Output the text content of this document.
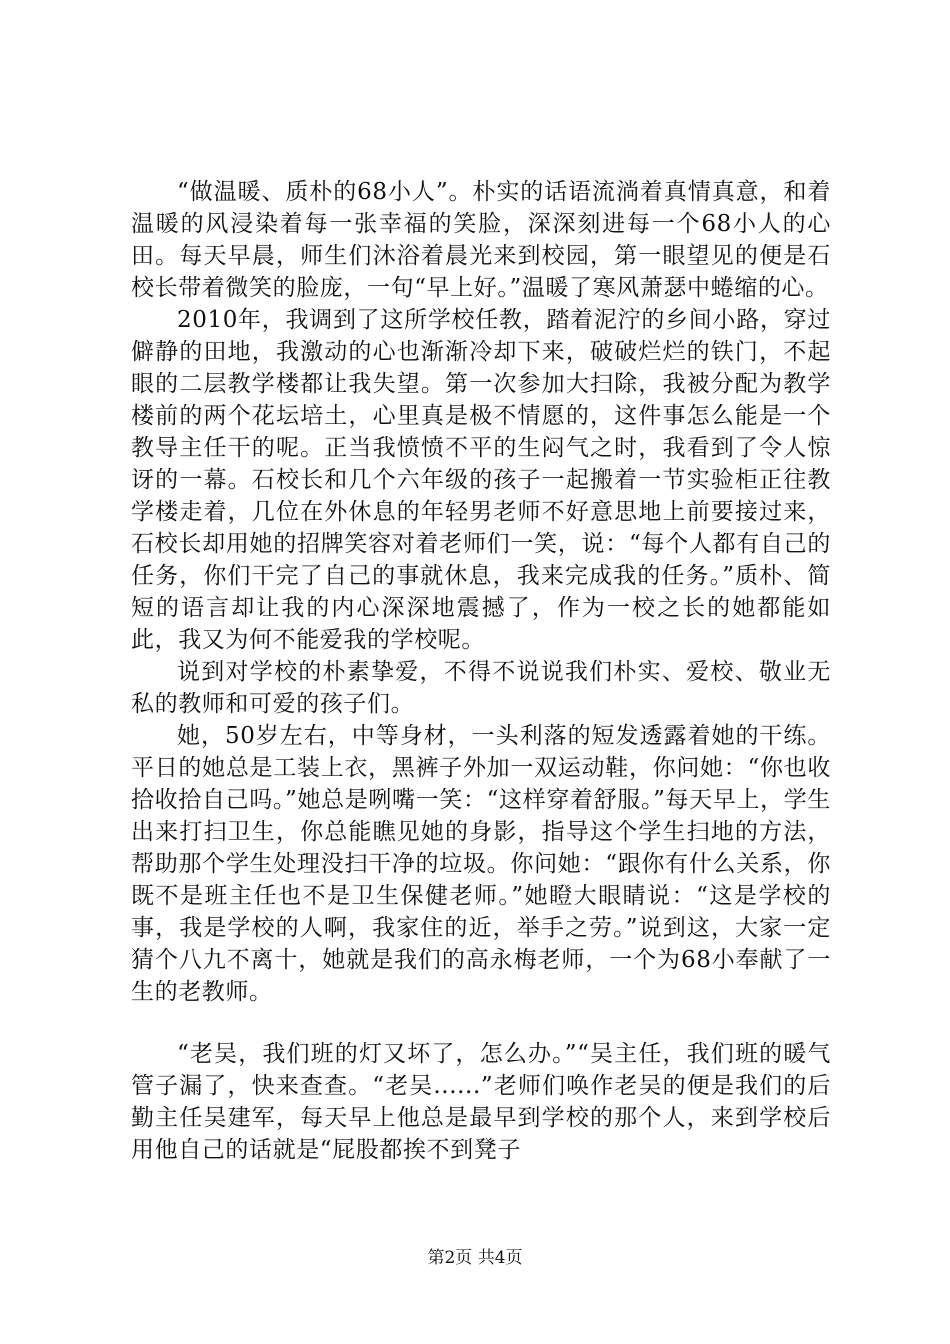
“做温暖、质朴的68小人”。朴实的话语流淌着真情真意，和着温暖的风浸染着每一张幸福的笑脸，深深刻进每一个68小人的心田。每天早晨，师生们沐浴着晨光来到校园，第一眼望见的便是石校长带着微笑的脸庞，一句“早上好。”温暖了寒风萧瑟中蜷缩的心。

2010年，我调到了这所学校任教，踏着泥泞的乡间小路，穿过僻静的田地，我激动的心也渐渐冷却下来，破破烂烂的铁门，不起眼的二层教学楼都让我失望。第一次参加大扫除，我被分配为教学楼前的两个花坛培土，心里真是极不情愿的，这件事怎么能是一个教导主任干的呢。正当我愤愤不平的生闷气之时，我看到了令人惊讶的一幕。石校长和几个六年级的孩子一起搬着一节实验柜正往教学楼走着，几位在外休息的年轻男老师不好意思地上前要接过来，石校长却用她的招牌笑容对着老师们一笑，说：“每个人都有自己的任务，你们干完了自己的事就休息，我来完成我的任务。”质朴、简短的语言却让我的内心深深地震撼了，作为一校之长的她都能如此，我又为何不能爱我的学校呢。

说到对学校的朴素挚爱，不得不说说我们朴实、爱校、敬业无私的教师和可爱的孩子们。

她，50岁左右，中等身材，一头利落的短发透露着她的干练。平日的她总是工装上衣，黑裤子外加一双运动鞋，你问她：“你也收拾收拾自己吗。”她总是咧嘴一笑：“这样穿着舒服。”每天早上，学生出来打扫卫生，你总能瞧见她的身影，指导这个学生扫地的方法，帮助那个学生处理没扫干净的垃圾。你问她：“跟你有什么关系，你既不是班主任也不是卫生保健老师。”她瞪大眼睛说：“这是学校的事，我是学校的人啊，我家住的近，举手之劳。”说到这，大家一定猜个八九不离十，她就是我们的高永梅老师，一个为68小奉献了一生的老教师。

“老吴，我们班的灯又坏了，怎么办。”“吴主任，我们班的暖气管子漏了，快来查查。“老吴......”老师们唤作老吴的便是我们的后勤主任吴建军，每天早上他总是最早到学校的那个人，来到学校后用他自己的话就是“屁股都挨不到凳子

第2页 共4页
